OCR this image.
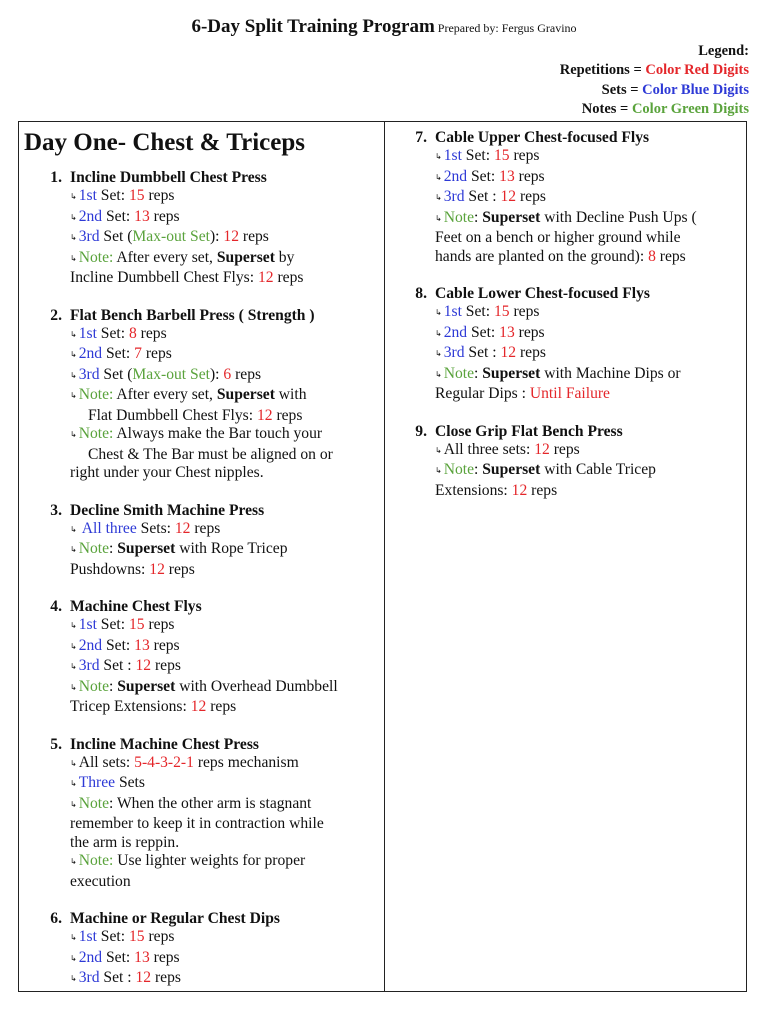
6-Day Split Training Program Prepared by: Fergus Gravino
Legend:
Repetitions = Color Red Digits
Sets = Color Blue Digits
Notes = Color Green Digits
Day One- Chest & Triceps
1. Incline Dumbbell Chest Press
↳ 1st Set: 15 reps
↳ 2nd Set: 13 reps
↳ 3rd Set (Max-out Set): 12 reps
↳ Note: After every set, Superset by
Incline Dumbbell Chest Flys: 12 reps
2. Flat Bench Barbell Press ( Strength )
↳ 1st Set: 8 reps
↳ 2nd Set: 7 reps
↳ 3rd Set (Max-out Set): 6 reps
↳ Note: After every set, Superset with
Flat Dumbbell Chest Flys: 12 reps
↳ Note: Always make the Bar touch your
Chest & The Bar must be aligned on or
right under your Chest nipples.
3. Decline Smith Machine Press
↳ All three Sets: 12 reps
↳ Note: Superset with Rope Tricep
Pushdowns: 12 reps
4. Machine Chest Flys
↳ 1st Set: 15 reps
↳ 2nd Set: 13 reps
↳ 3rd Set : 12 reps
↳ Note: Superset with Overhead Dumbbell
Tricep Extensions: 12 reps
5. Incline Machine Chest Press
↳ All sets: 5-4-3-2-1 reps mechanism
↳ Three Sets
↳ Note: When the other arm is stagnant
remember to keep it in contraction while
the arm is reppin.
↳ Note: Use lighter weights for proper
execution
6. Machine or Regular Chest Dips
↳ 1st Set: 15 reps
↳ 2nd Set: 13 reps
↳ 3rd Set : 12 reps
7. Cable Upper Chest-focused Flys
↳ 1st Set: 15 reps
↳ 2nd Set: 13 reps
↳ 3rd Set : 12 reps
↳ Note: Superset with Decline Push Ups (
Feet on a bench or higher ground while
hands are planted on the ground): 8 reps
8. Cable Lower Chest-focused Flys
↳ 1st Set: 15 reps
↳ 2nd Set: 13 reps
↳ 3rd Set : 12 reps
↳ Note: Superset with Machine Dips or
Regular Dips : Until Failure
9. Close Grip Flat Bench Press
↳ All three sets: 12 reps
↳ Note: Superset with Cable Tricep
Extensions: 12 reps
